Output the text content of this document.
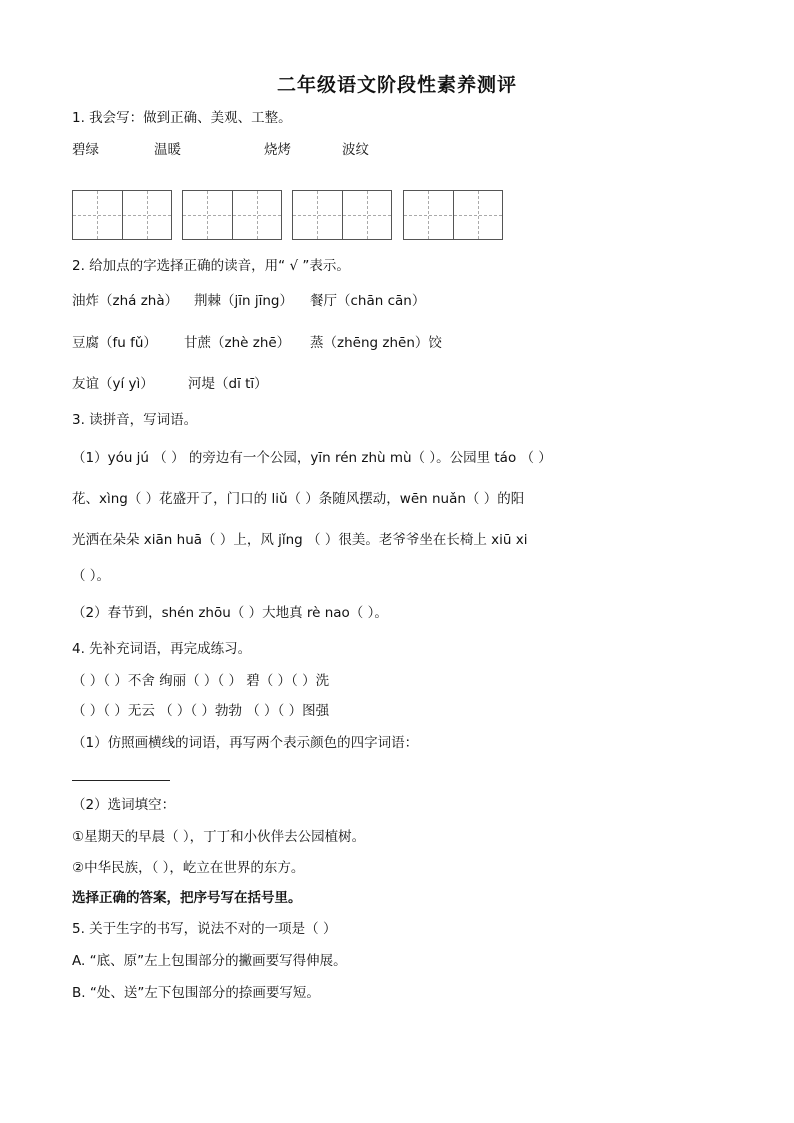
二年级语文阶段性素养测评
1. 我会写：做到正确、美观、工整。
碧绿	温暖	烧烤	波纹
2. 给加点的字选择正确的读音，用“ √ ”表示。
油炸（zhá zhà） 荆棘（jīn jīng） 餐厅（chān cān）
豆腐（fu fǔ） 甘蔗（zhè zhē） 蒸（zhēng zhēn）饺
友谊（yí yì）	河堤（dī tī）
3. 读拼音，写词语。
（1）yóu jú （ ） 的旁边有一个公园，yīn rén zhù mù（ ）。公园里 táo （ ）
花、xìng（ ）花盛开了，门口的 liǔ（ ）条随风摆动，wēn nuǎn（ ）的阳
光洒在朵朵 xiān huā（ ）上，风 jǐng （ ）很美。老爷爷坐在长椅上 xiū xi
（ ）。
（2）春节到，shén zhōu（ ）大地真 rè nao（ ）。
4. 先补充词语，再完成练习。
（ ）（ ）不舍 绚丽（ ）（ ） 碧（ ）（ ）洗
（ ）（ ）无云 （ ）（ ）勃勃 （ ）（ ）图强
（1）仿照画横线的词语，再写两个表示颜色的四字词语：
（2）选词填空：
①星期天的早晨（ ），丁丁和小伙伴去公园植树。
②中华民族，（ ），屹立在世界的东方。
选择正确的答案，把序号写在括号里。
5. 关于生字的书写，说法不对的一项是（ ）
A. “底、原”左上包围部分的撇画要写得伸展。
B. “处、送”左下包围部分的捺画要写短。
